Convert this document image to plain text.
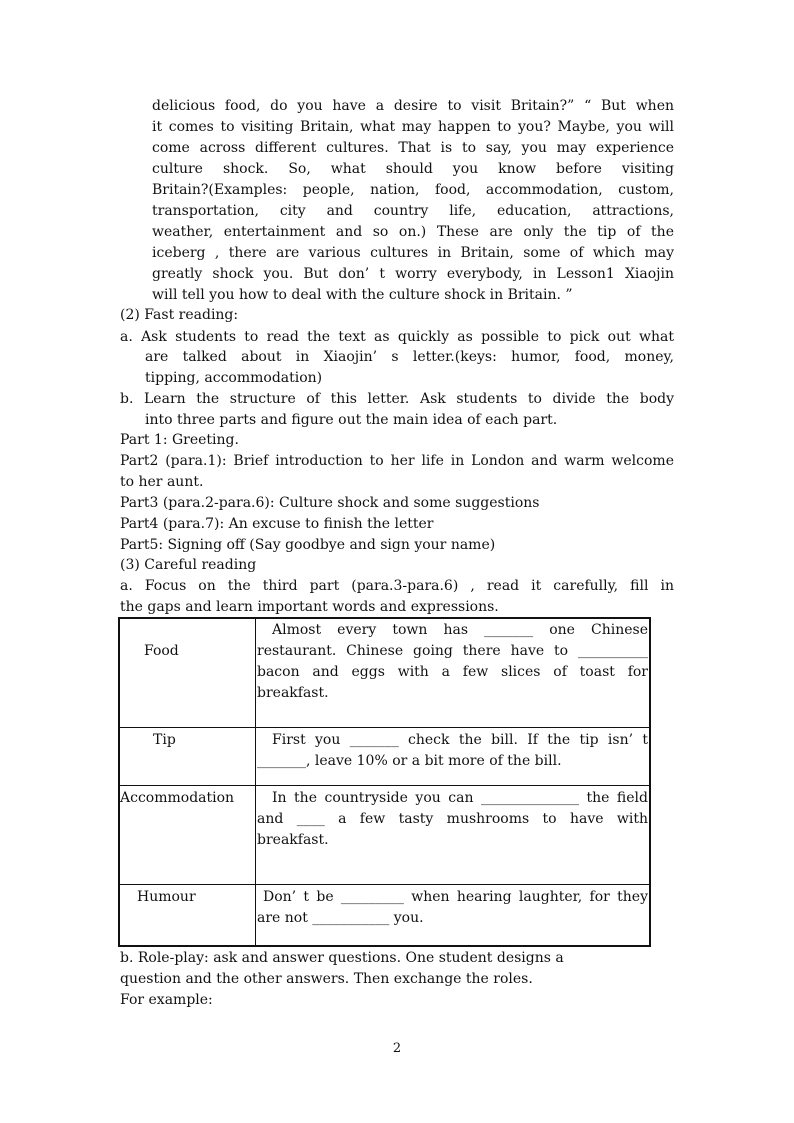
delicious food, do you have a desire to visit Britain?” “ But when
it comes to visiting Britain, what may happen to you? Maybe, you will
come across different cultures. That is to say, you may experience
culture shock. So, what should you know before visiting
Britain?(Examples: people, nation, food, accommodation, custom,
transportation, city and country life, education, attractions,
weather, entertainment and so on.) These are only the tip of the
iceberg , there are various cultures in Britain, some of which may
greatly shock you. But don’ t worry everybody, in Lesson1 Xiaojin
will tell you how to deal with the culture shock in Britain. ”
(2) Fast reading:
a. Ask students to read the text as quickly as possible to pick out what
are talked about in Xiaojin’ s letter.(keys: humor, food, money,
tipping, accommodation)
b. Learn the structure of this letter. Ask students to divide the body
into three parts and figure out the main idea of each part.
Part 1: Greeting.
Part2 (para.1): Brief introduction to her life in London and warm welcome
to her aunt.
Part3 (para.2-para.6): Culture shock and some suggestions
Part4 (para.7): An excuse to finish the letter
Part5: Signing off (Say goodbye and sign your name)
(3) Careful reading
a. Focus on the third part (para.3-para.6) , read it carefully, fill in
the gaps and learn important words and expressions.
Food	Almost every town has _______ one Chinese restaurant. Chinese going there have to __________ bacon and eggs with a few slices of toast for breakfast.

Tip	First you _______ check the bill. If the tip isn’ t _______, leave 10% or a bit more of the bill.

Accommodation	In the countryside you can ______________ the field and ____ a few tasty mushrooms to have with breakfast.

Humour	Don’ t be _________ when hearing laughter, for they are not ___________ you.
b. Role-play: ask and answer questions. One student designs a
question and the other answers. Then exchange the roles.
For example:
2
